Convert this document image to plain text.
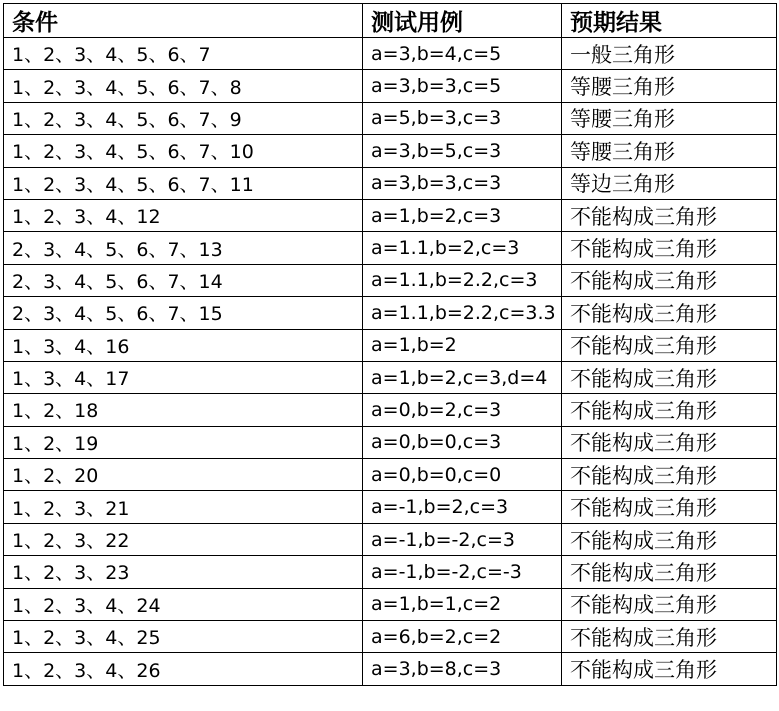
条件	测试用例	预期结果
1、2、3、4、5、6、7	a=3,b=4,c=5	一般三角形
1、2、3、4、5、6、7、8	a=3,b=3,c=5	等腰三角形
1、2、3、4、5、6、7、9	a=5,b=3,c=3	等腰三角形
1、2、3、4、5、6、7、10	a=3,b=5,c=3	等腰三角形
1、2、3、4、5、6、7、11	a=3,b=3,c=3	等边三角形
1、2、3、4、12	a=1,b=2,c=3	不能构成三角形
2、3、4、5、6、7、13	a=1.1,b=2,c=3	不能构成三角形
2、3、4、5、6、7、14	a=1.1,b=2.2,c=3	不能构成三角形
2、3、4、5、6、7、15	a=1.1,b=2.2,c=3.3	不能构成三角形
1、3、4、16	a=1,b=2	不能构成三角形
1、3、4、17	a=1,b=2,c=3,d=4	不能构成三角形
1、2、18	a=0,b=2,c=3	不能构成三角形
1、2、19	a=0,b=0,c=3	不能构成三角形
1、2、20	a=0,b=0,c=0	不能构成三角形
1、2、3、21	a=-1,b=2,c=3	不能构成三角形
1、2、3、22	a=-1,b=-2,c=3	不能构成三角形
1、2、3、23	a=-1,b=-2,c=-3	不能构成三角形
1、2、3、4、24	a=1,b=1,c=2	不能构成三角形
1、2、3、4、25	a=6,b=2,c=2	不能构成三角形
1、2、3、4、26	a=3,b=8,c=3	不能构成三角形
